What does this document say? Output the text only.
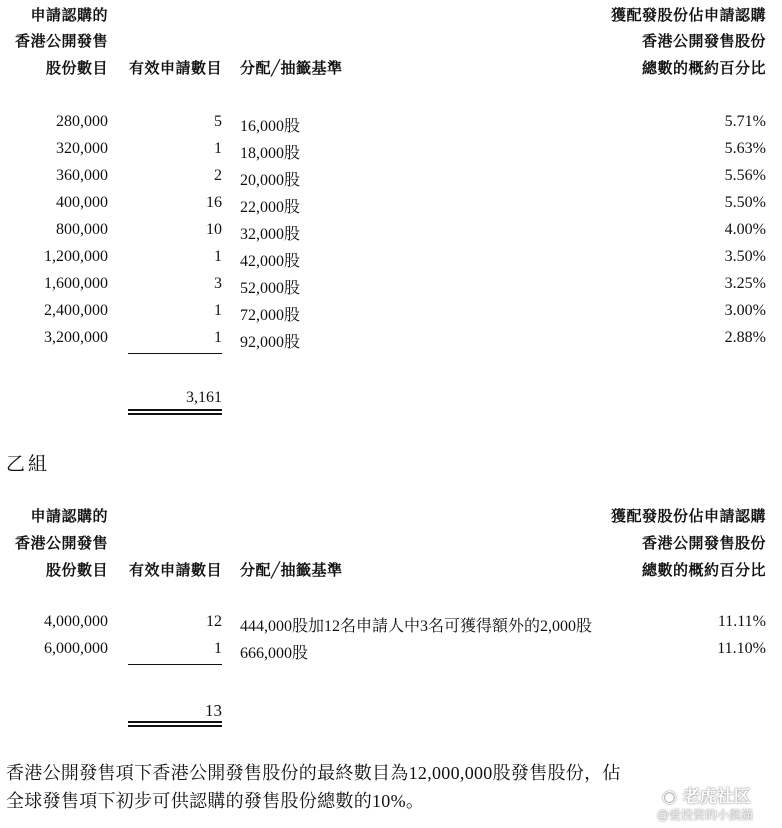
申請認購的
香港公開發售
股份數目	有效申請數目 分配╱抽籤基準
獲配發股份佔申請認購
香港公開發售股份
總數的概約百分比
280,000	5 16,000股	5.71%
320,000	1 18,000股	5.63%
360,000	2 20,000股	5.56%
400,000	16 22,000股	5.50%
800,000	10 32,000股	4.00%
1,200,000	1 42,000股	3.50%
1,600,000	3 52,000股	3.25%
2,400,000	1 72,000股	3.00%
3,200,000	1 92,000股	2.88%
3,161
乙組
申請認購的
香港公開發售
股份數目	有效申請數目 分配╱抽籤基準
獲配發股份佔申請認購
香港公開發售股份
總數的概約百分比
4,000,000	12 444,000股加12名申請人中3名可獲得額外的2,000股	11.11%
6,000,000	1 666,000股	11.10%
13
香港公開發售項下香港公開發售股份的最終數目為12,000,000股發售股份，佔
全球發售項下初步可供認購的發售股份總數的10%。	◉ 老虎社区
@爱投资的小熊猫
